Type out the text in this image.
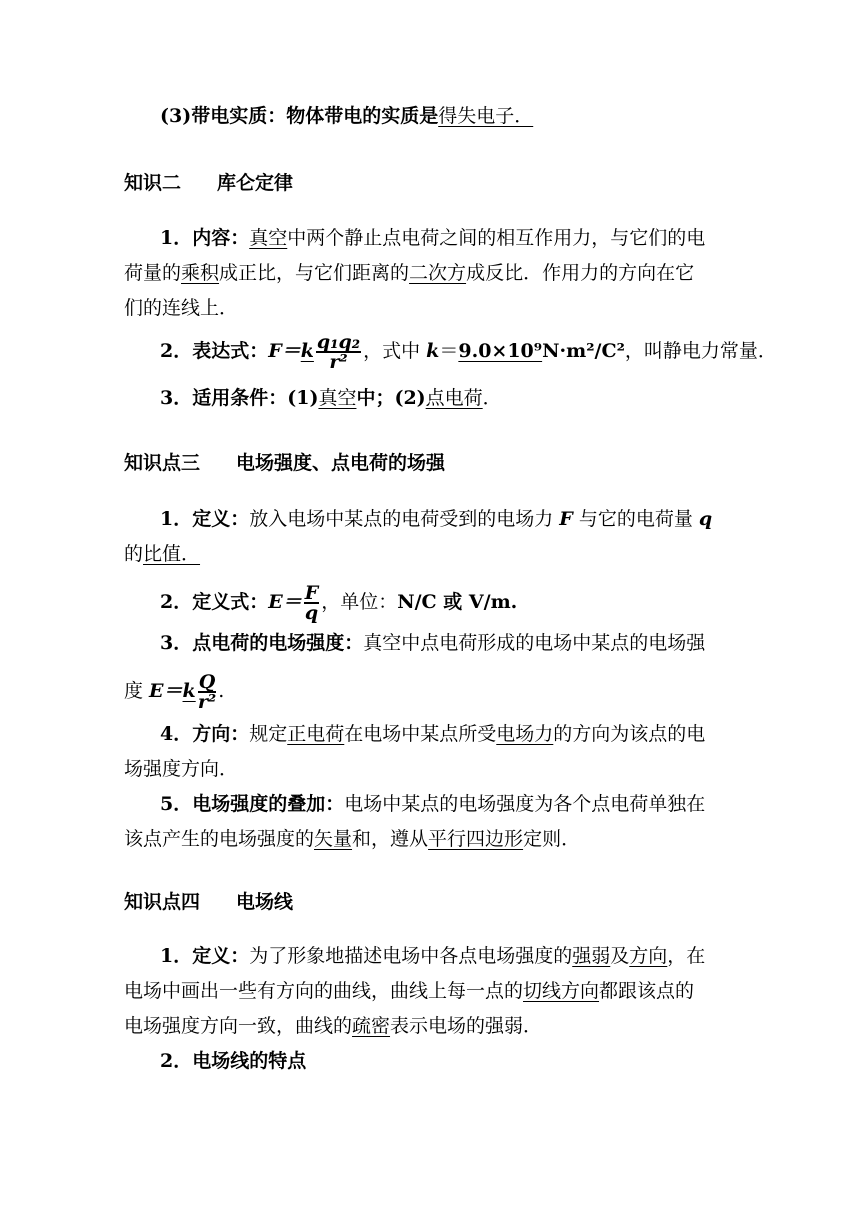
(3)带电实质：物体带电的实质是得失电子．
知识二 库仑定律
1．内容：真空中两个静止点电荷之间的相互作用力，与它们的电
荷量的乘积成正比，与它们距离的二次方成反比．作用力的方向在它
们的连线上．
2．表达式：$F=k \frac{\text{q₁q₂}}{\text{r²}}$ ，式中 k＝9.0×10⁹N·m²/C²，叫静电力常量．
3．适用条件：(1)真空中；(2)点电荷．
知识点三 电场强度、点电荷的场强
1．定义：放入电场中某点的电荷受到的电场力 F 与它的电荷量 q
的比值．
2．定义式：$E= \frac{F}{q}$ ，单位：N/C 或 V/m.
3．点电荷的电场强度：真空中点电荷形成的电场中某点的电场强
度 $E=k \frac{Q}{\text{r²}}$ .
4．方向：规定正电荷在电场中某点所受电场力的方向为该点的电
场强度方向．
5．电场强度的叠加：电场中某点的电场强度为各个点电荷单独在
该点产生的电场强度的矢量和，遵从平行四边形定则．
知识点四 电场线
1．定义：为了形象地描述电场中各点电场强度的强弱及方向，在
电场中画出一些有方向的曲线，曲线上每一点的切线方向都跟该点的
电场强度方向一致，曲线的疏密表示电场的强弱．
2．电场线的特点
